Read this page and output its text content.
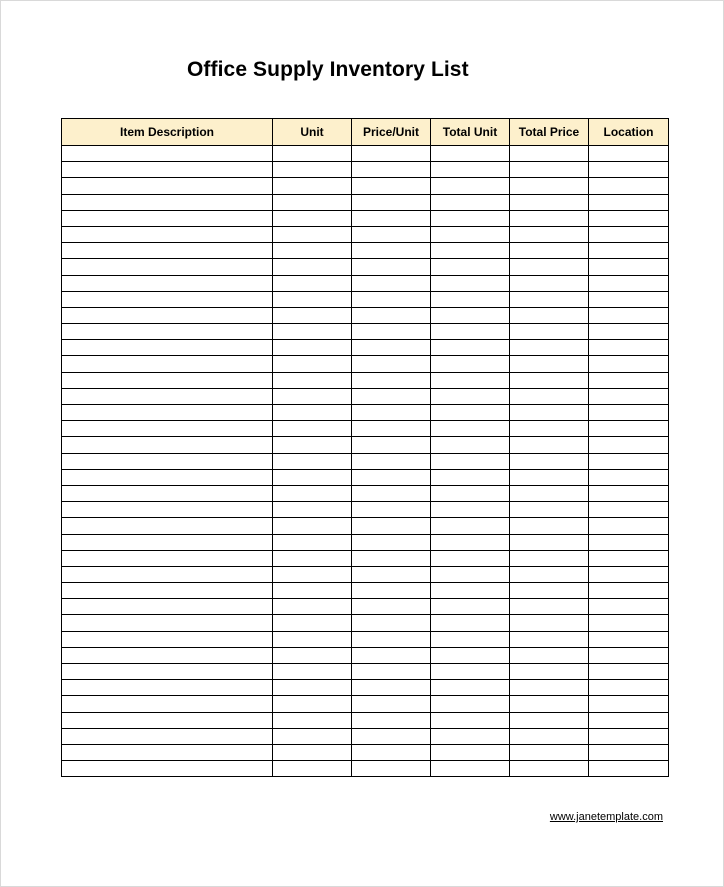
Office Supply Inventory List
Item Description	Unit	Price/Unit	Total Unit	Total Price	Location

www.janetemplate.com
